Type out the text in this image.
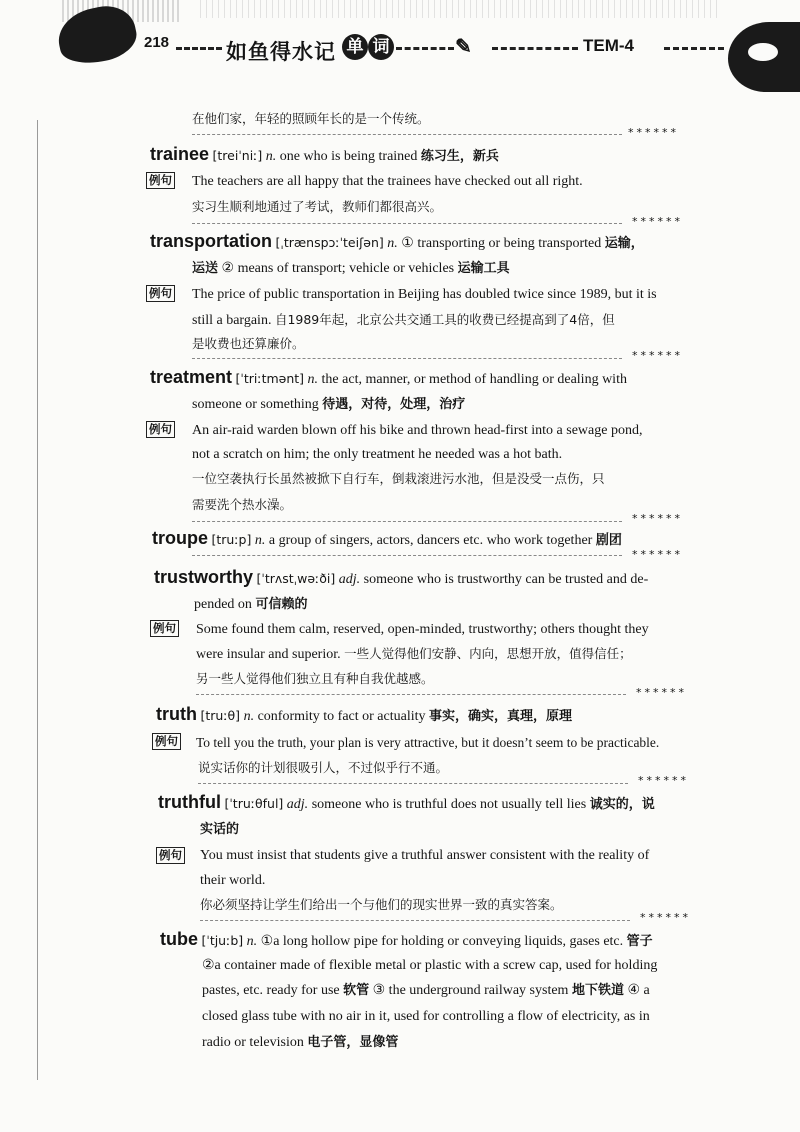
218	如鱼得水记 单 词	✎	TEM-4
在他们家，年轻的照顾年长的是一个传统。
******
trainee [treiˈniː] n. one who is being trained 练习生，新兵
例句 The teachers are all happy that the trainees have checked out all right.
实习生顺利地通过了考试，教师们都很高兴。
******
transportation [ˌtrænspɔːˈteiʃən] n. ① transporting or being transported 运输，
运送 ② means of transport; vehicle or vehicles 运输工具
例句 The price of public transportation in Beijing has doubled twice since 1989, but it is
still a bargain. 自1989年起，北京公共交通工具的收费已经提高到了4倍，但
是收费也还算廉价。
******
treatment [ˈtriːtmənt] n. the act, manner, or method of handling or dealing with
someone or something 待遇，对待，处理，治疗
例句 An air-raid warden blown off his bike and thrown head-first into a sewage pond,
not a scratch on him; the only treatment he needed was a hot bath.
一位空袭执行长虽然被掀下自行车，倒栽滚进污水池，但是没受一点伤，只
需要洗个热水澡。
******
troupe [truːp] n. a group of singers, actors, dancers etc. who work together 剧团
******
trustworthy [ˈtrʌstˌwəːði] adj. someone who is trustworthy can be trusted and de-
pended on 可信赖的
例句 Some found them calm, reserved, open-minded, trustworthy; others thought they
were insular and superior. 一些人觉得他们安静、内向，思想开放，值得信任；
另一些人觉得他们独立且有种自我优越感。
******
truth [truːθ] n. conformity to fact or actuality 事实，确实，真理，原理
例句 To tell you the truth, your plan is very attractive, but it doesn’t seem to be practicable.
说实话你的计划很吸引人，不过似乎行不通。
******
truthful [ˈtruːθful] adj. someone who is truthful does not usually tell lies 诚实的，说
实话的
例句 You must insist that students give a truthful answer consistent with the reality of
their world.
你必须坚持让学生们给出一个与他们的现实世界一致的真实答案。
******
tube [ˈtjuːb] n. ①a long hollow pipe for holding or conveying liquids, gases etc. 管子
②a container made of flexible metal or plastic with a screw cap, used for holding
pastes, etc. ready for use 软管 ③ the underground railway system 地下铁道 ④ a
closed glass tube with no air in it, used for controlling a flow of electricity, as in
radio or television 电子管，显像管
